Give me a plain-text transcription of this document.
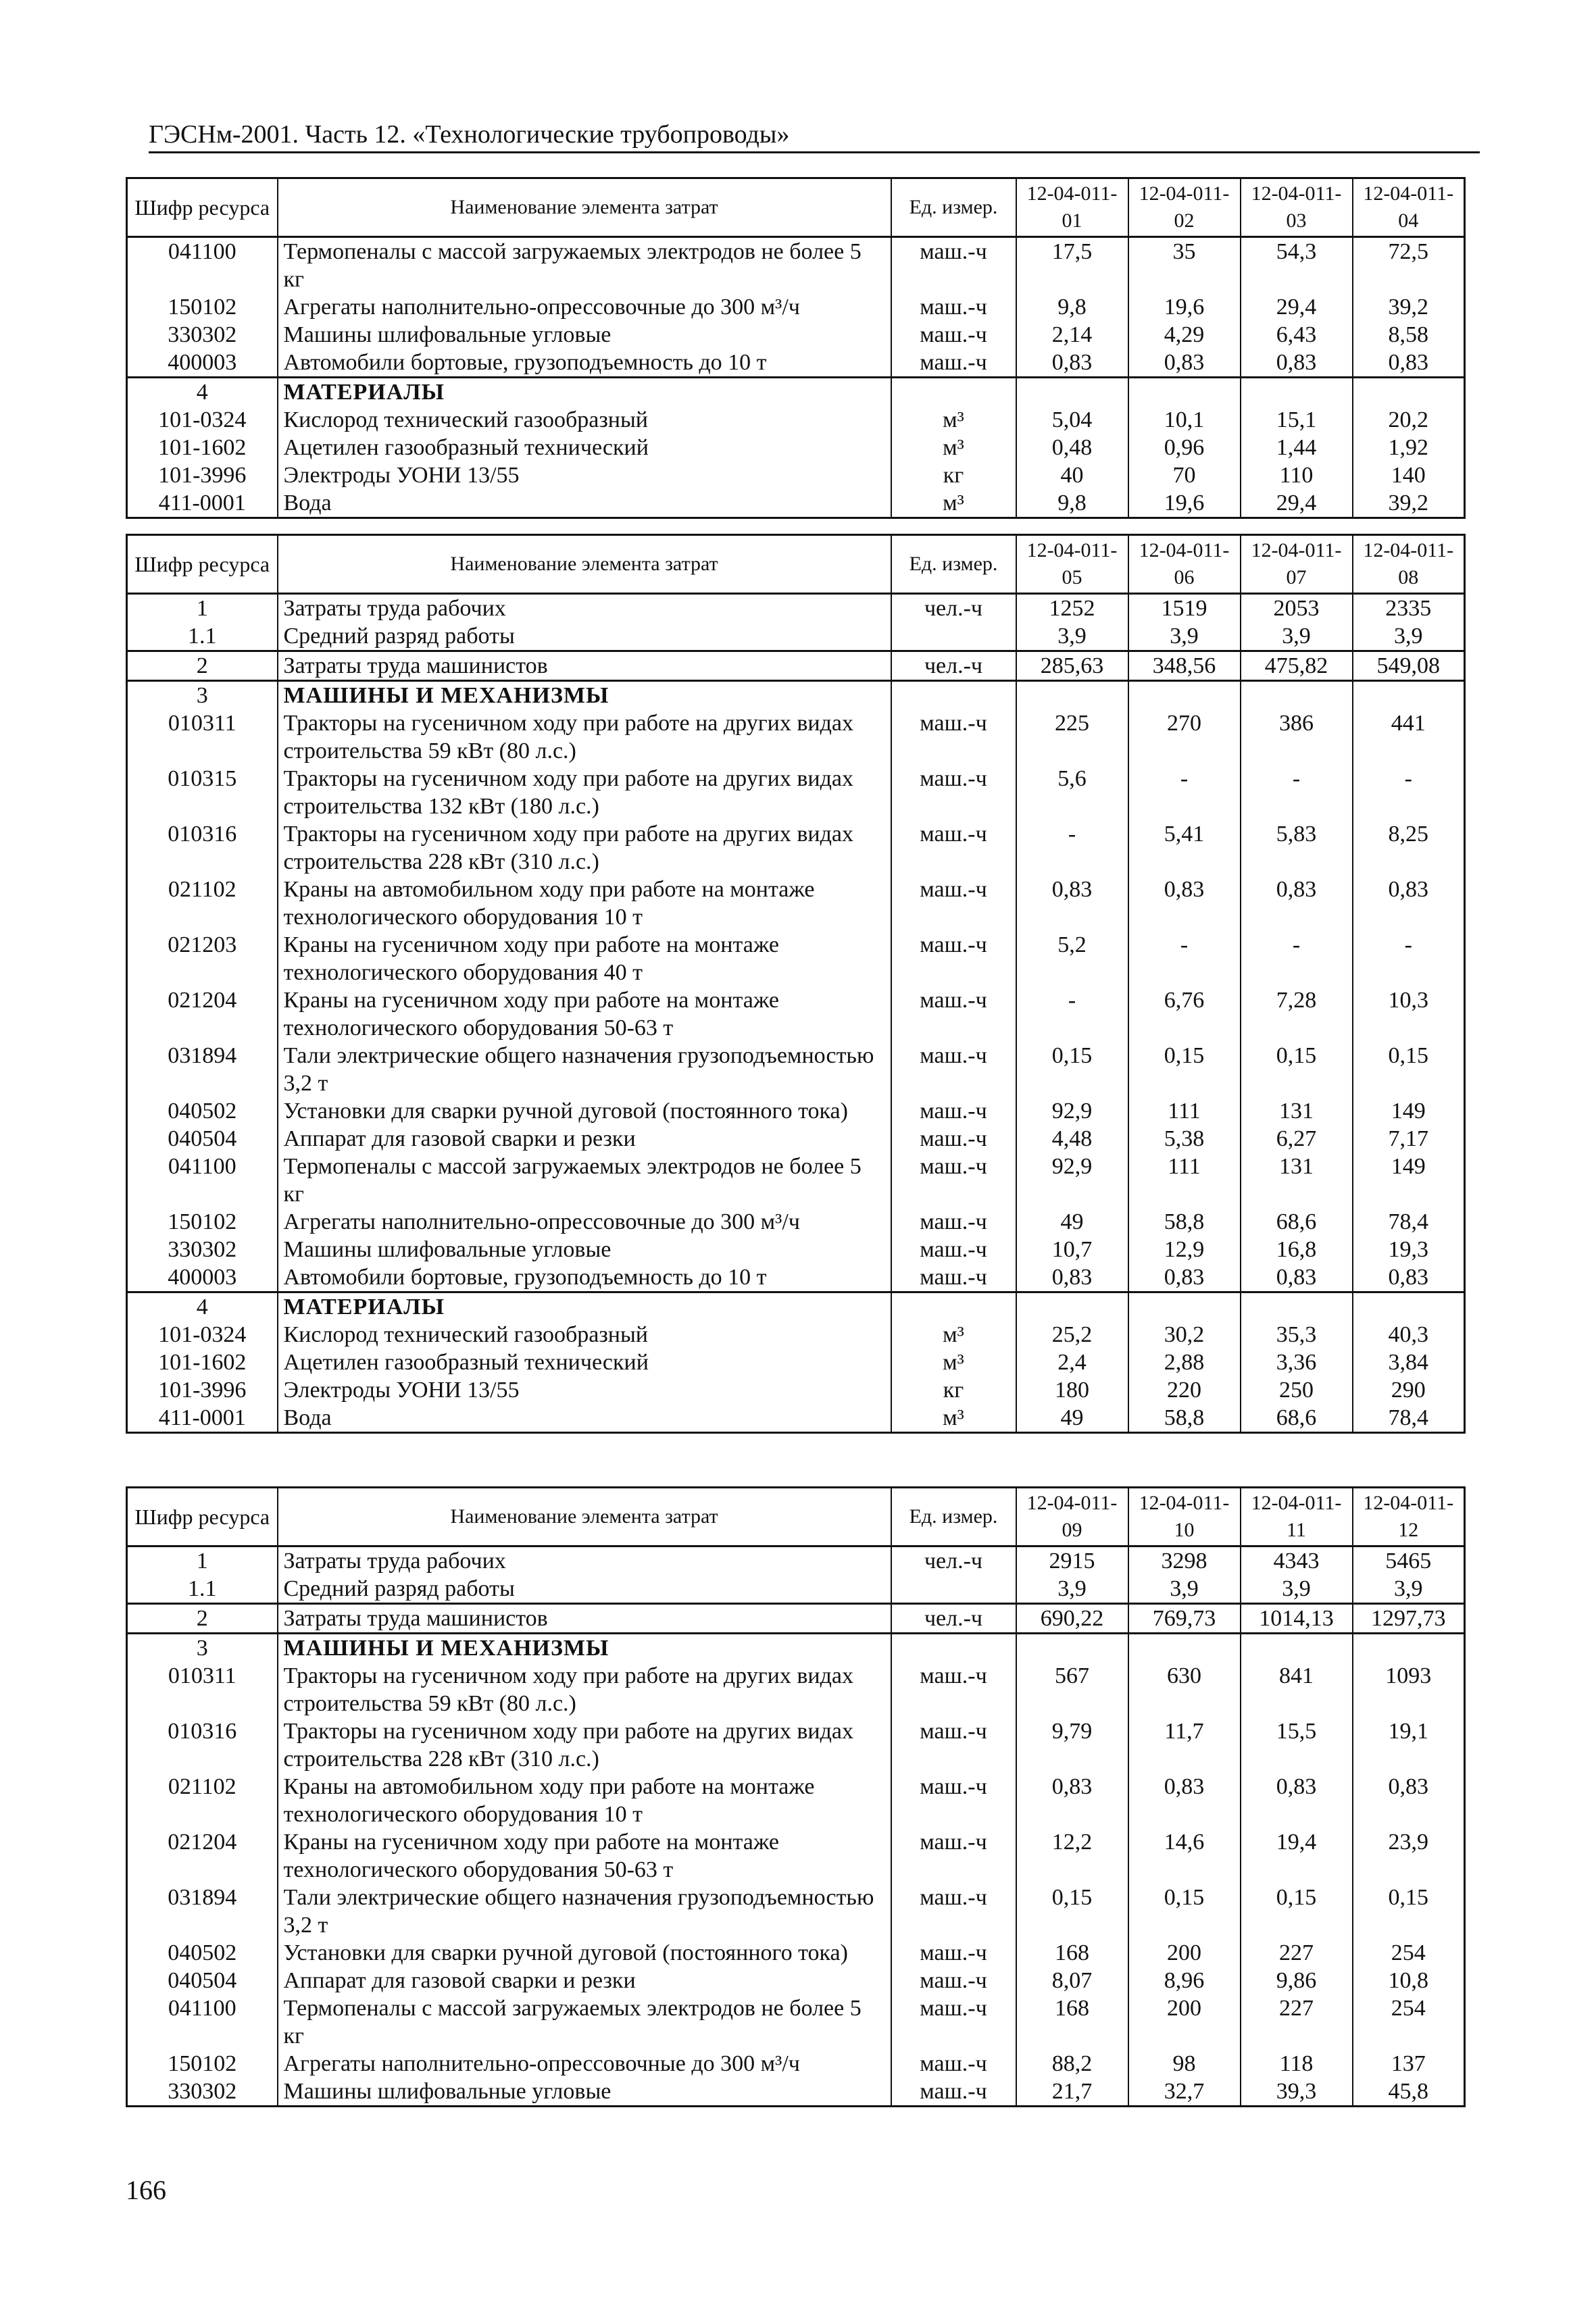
ГЭСНм-2001. Часть 12. «Технологические трубопроводы»
Шифр ресурса	Наименование элемента затрат	Ед. измер.	12-04-011-01	12-04-011-02	12-04-011-03	12-04-011-04
041100	Термопеналы с массой загружаемых электродов не более 5 кг	маш.-ч	17,5	35	54,3	72,5
150102	Агрегаты наполнительно-опрессовочные до 300 м³/ч	маш.-ч	9,8	19,6	29,4	39,2
330302	Машины шлифовальные угловые	маш.-ч	2,14	4,29	6,43	8,58
400003	Автомобили бортовые, грузоподъемность до 10 т	маш.-ч	0,83	0,83	0,83	0,83
4	МАТЕРИАЛЫ					
101-0324	Кислород технический газообразный	м³	5,04	10,1	15,1	20,2
101-1602	Ацетилен газообразный технический	м³	0,48	0,96	1,44	1,92
101-3996	Электроды УОНИ 13/55	кг	40	70	110	140
411-0001	Вода	м³	9,8	19,6	29,4	39,2
Шифр ресурса	Наименование элемента затрат	Ед. измер.	12-04-011-05	12-04-011-06	12-04-011-07	12-04-011-08
1	Затраты труда рабочих	чел.-ч	1252	1519	2053	2335
1.1	Средний разряд работы		3,9	3,9	3,9	3,9
2	Затраты труда машинистов	чел.-ч	285,63	348,56	475,82	549,08
3	МАШИНЫ И МЕХАНИЗМЫ					
010311	Тракторы на гусеничном ходу при работе на других видах строительства 59 кВт (80 л.с.)	маш.-ч	225	270	386	441
010315	Тракторы на гусеничном ходу при работе на других видах строительства 132 кВт (180 л.с.)	маш.-ч	5,6	-	-	-
010316	Тракторы на гусеничном ходу при работе на других видах строительства 228 кВт (310 л.с.)	маш.-ч	-	5,41	5,83	8,25
021102	Краны на автомобильном ходу при работе на монтаже технологического оборудования 10 т	маш.-ч	0,83	0,83	0,83	0,83
021203	Краны на гусеничном ходу при работе на монтаже технологического оборудования 40 т	маш.-ч	5,2	-	-	-
021204	Краны на гусеничном ходу при работе на монтаже технологического оборудования 50-63 т	маш.-ч	-	6,76	7,28	10,3
031894	Тали электрические общего назначения грузоподъемностью 3,2 т	маш.-ч	0,15	0,15	0,15	0,15
040502	Установки для сварки ручной дуговой (постоянного тока)	маш.-ч	92,9	111	131	149
040504	Аппарат для газовой сварки и резки	маш.-ч	4,48	5,38	6,27	7,17
041100	Термопеналы с массой загружаемых электродов не более 5 кг	маш.-ч	92,9	111	131	149
150102	Агрегаты наполнительно-опрессовочные до 300 м³/ч	маш.-ч	49	58,8	68,6	78,4
330302	Машины шлифовальные угловые	маш.-ч	10,7	12,9	16,8	19,3
400003	Автомобили бортовые, грузоподъемность до 10 т	маш.-ч	0,83	0,83	0,83	0,83
4	МАТЕРИАЛЫ					
101-0324	Кислород технический газообразный	м³	25,2	30,2	35,3	40,3
101-1602	Ацетилен газообразный технический	м³	2,4	2,88	3,36	3,84
101-3996	Электроды УОНИ 13/55	кг	180	220	250	290
411-0001	Вода	м³	49	58,8	68,6	78,4
Шифр ресурса	Наименование элемента затрат	Ед. измер.	12-04-011-09	12-04-011-10	12-04-011-11	12-04-011-12
1	Затраты труда рабочих	чел.-ч	2915	3298	4343	5465
1.1	Средний разряд работы		3,9	3,9	3,9	3,9
2	Затраты труда машинистов	чел.-ч	690,22	769,73	1014,13	1297,73
3	МАШИНЫ И МЕХАНИЗМЫ					
010311	Тракторы на гусеничном ходу при работе на других видах строительства 59 кВт (80 л.с.)	маш.-ч	567	630	841	1093
010316	Тракторы на гусеничном ходу при работе на других видах строительства 228 кВт (310 л.с.)	маш.-ч	9,79	11,7	15,5	19,1
021102	Краны на автомобильном ходу при работе на монтаже технологического оборудования 10 т	маш.-ч	0,83	0,83	0,83	0,83
021204	Краны на гусеничном ходу при работе на монтаже технологического оборудования 50-63 т	маш.-ч	12,2	14,6	19,4	23,9
031894	Тали электрические общего назначения грузоподъемностью 3,2 т	маш.-ч	0,15	0,15	0,15	0,15
040502	Установки для сварки ручной дуговой (постоянного тока)	маш.-ч	168	200	227	254
040504	Аппарат для газовой сварки и резки	маш.-ч	8,07	8,96	9,86	10,8
041100	Термопеналы с массой загружаемых электродов не более 5 кг	маш.-ч	168	200	227	254
150102	Агрегаты наполнительно-опрессовочные до 300 м³/ч	маш.-ч	88,2	98	118	137
330302	Машины шлифовальные угловые	маш.-ч	21,7	32,7	39,3	45,8
166
